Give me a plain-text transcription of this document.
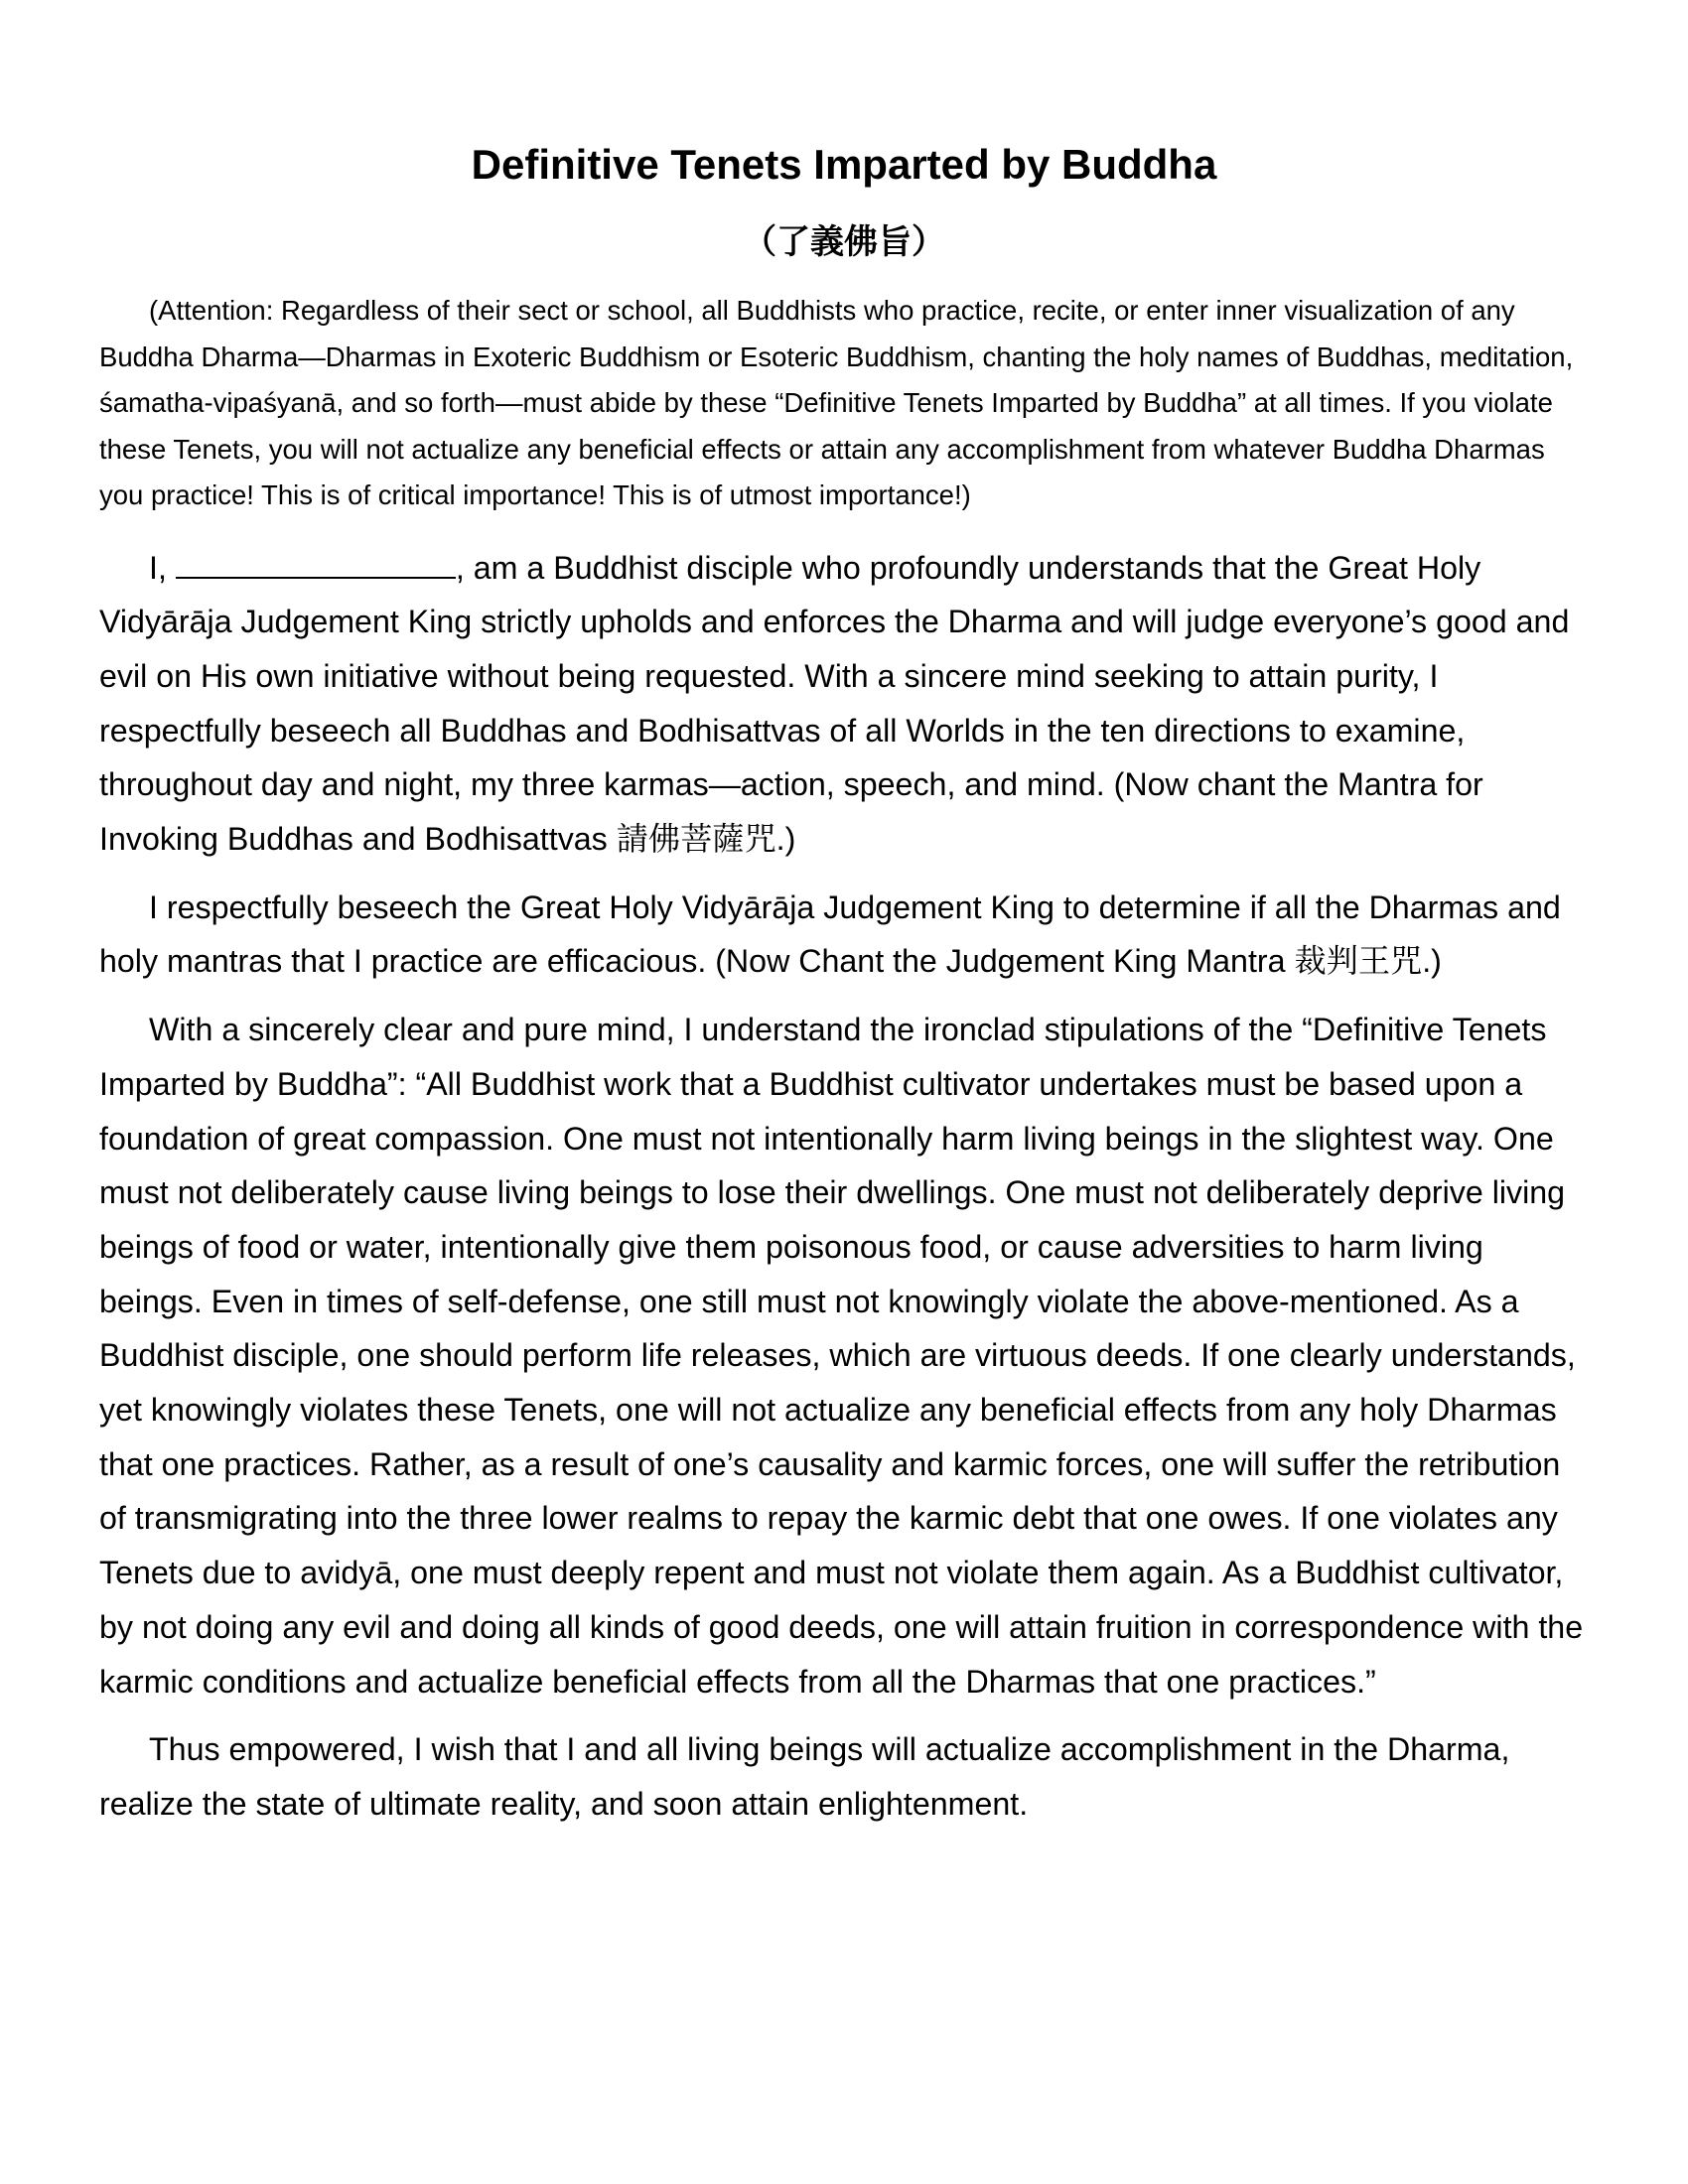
Definitive Tenets Imparted by Buddha
（了義佛旨）

(Attention: Regardless of their sect or school, all Buddhists who practice, recite, or enter inner visualization of any Buddha Dharma—Dharmas in Exoteric Buddhism or Esoteric Buddhism, chanting the holy names of Buddhas, meditation, śamatha-vipaśyanā, and so forth—must abide by these “Definitive Tenets Imparted by Buddha” at all times. If you violate these Tenets, you will not actualize any beneficial effects or attain any accomplishment from whatever Buddha Dharmas you practice! This is of critical importance! This is of utmost importance!)

I,	, am a Buddhist disciple who profoundly understands that the Great Holy Vidyārāja Judgement King strictly upholds and enforces the Dharma and will judge everyone’s good and evil on His own initiative without being requested. With a sincere mind seeking to attain purity, I respectfully beseech all Buddhas and Bodhisattvas of all Worlds in the ten directions to examine, throughout day and night, my three karmas—action, speech, and mind. (Now chant the Mantra for Invoking Buddhas and Bodhisattvas 請佛菩薩咒.)

I respectfully beseech the Great Holy Vidyārāja Judgement King to determine if all the Dharmas and holy mantras that I practice are efficacious. (Now Chant the Judgement King Mantra 裁判王咒.)

With a sincerely clear and pure mind, I understand the ironclad stipulations of the “Definitive Tenets Imparted by Buddha”: “All Buddhist work that a Buddhist cultivator undertakes must be based upon a foundation of great compassion. One must not intentionally harm living beings in the slightest way. One must not deliberately cause living beings to lose their dwellings. One must not deliberately deprive living beings of food or water, intentionally give them poisonous food, or cause adversities to harm living beings. Even in times of self-defense, one still must not knowingly violate the above-mentioned. As a Buddhist disciple, one should perform life releases, which are virtuous deeds. If one clearly understands, yet knowingly violates these Tenets, one will not actualize any beneficial effects from any holy Dharmas that one practices. Rather, as a result of one’s causality and karmic forces, one will suffer the retribution of transmigrating into the three lower realms to repay the karmic debt that one owes. If one violates any Tenets due to avidyā, one must deeply repent and must not violate them again. As a Buddhist cultivator, by not doing any evil and doing all kinds of good deeds, one will attain fruition in correspondence with the karmic conditions and actualize beneficial effects from all the Dharmas that one practices.”

Thus empowered, I wish that I and all living beings will actualize accomplishment in the Dharma, realize the state of ultimate reality, and soon attain enlightenment.
